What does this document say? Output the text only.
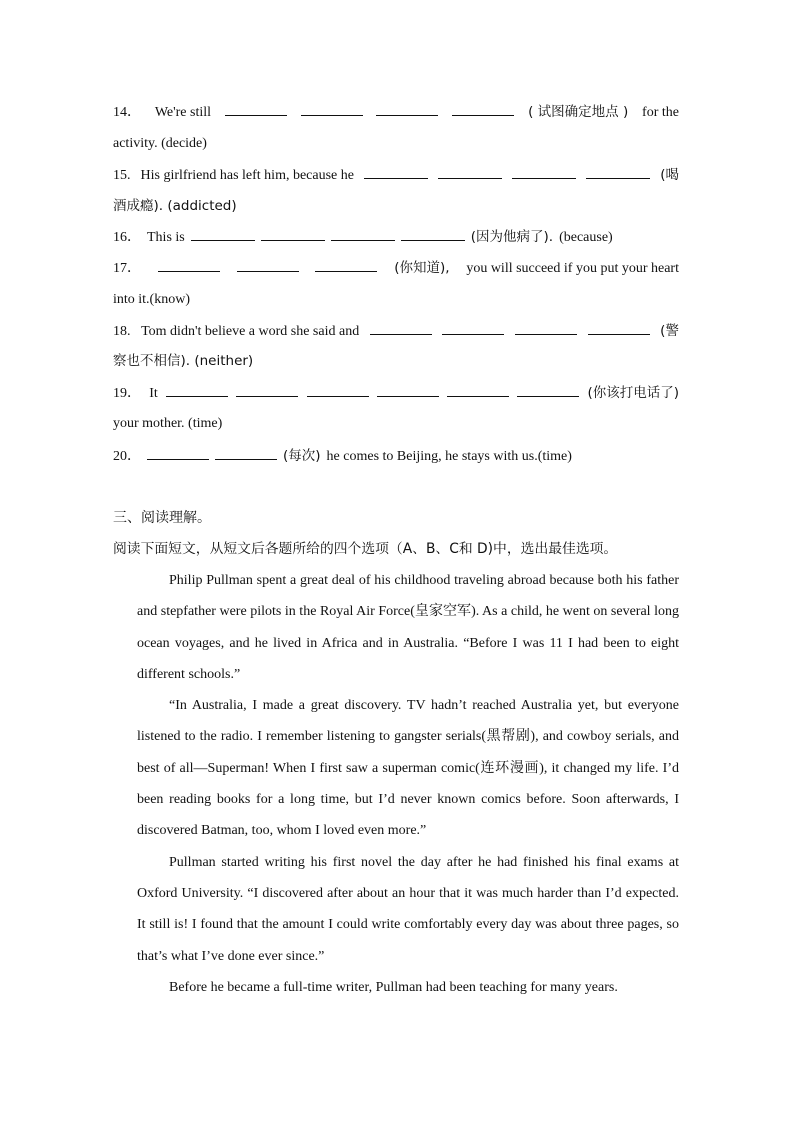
14． We're still	( 试图确定地点 ) for the
activity. (decide)
15. His girlfriend has left him, because he	(喝
酒成瘾). (addicted)
16． This is	(因为他病了). (because)
17．	(你知道), you will succeed if you put your heart
into it.(know)
18. Tom didn't believe a word she said and	(警
察也不相信). (neither)
19． It	(你该打电话了)
your mother. (time)
20．	(每次) he comes to Beijing, he stays with us.(time)
三、阅读理解。
阅读下面短文，从短文后各题所给的四个选项（A、B、C和 D)中，选出最佳选项。

Philip Pullman spent a great deal of his childhood traveling abroad because both his father and stepfather were pilots in the Royal Air Force(皇家空军). As a child, he went on several long ocean voyages, and he lived in Africa and in Australia. “Before I was 11 I had been to eight different schools.”

“In Australia, I made a great discovery. TV hadn’t reached Australia yet, but everyone listened to the radio. I remember listening to gangster serials(黑帮剧), and cowboy serials, and best of all—Superman! When I first saw a superman comic(连环漫画), it changed my life. I’d been reading books for a long time, but I’d never known comics before. Soon afterwards, I discovered Batman, too, whom I loved even more.”

Pullman started writing his first novel the day after he had finished his final exams at Oxford University. “I discovered after about an hour that it was much harder than I’d expected. It still is! I found that the amount I could write comfortably every day was about three pages, so that’s what I’ve done ever since.”

Before he became a full-time writer, Pullman had been teaching for many years.
